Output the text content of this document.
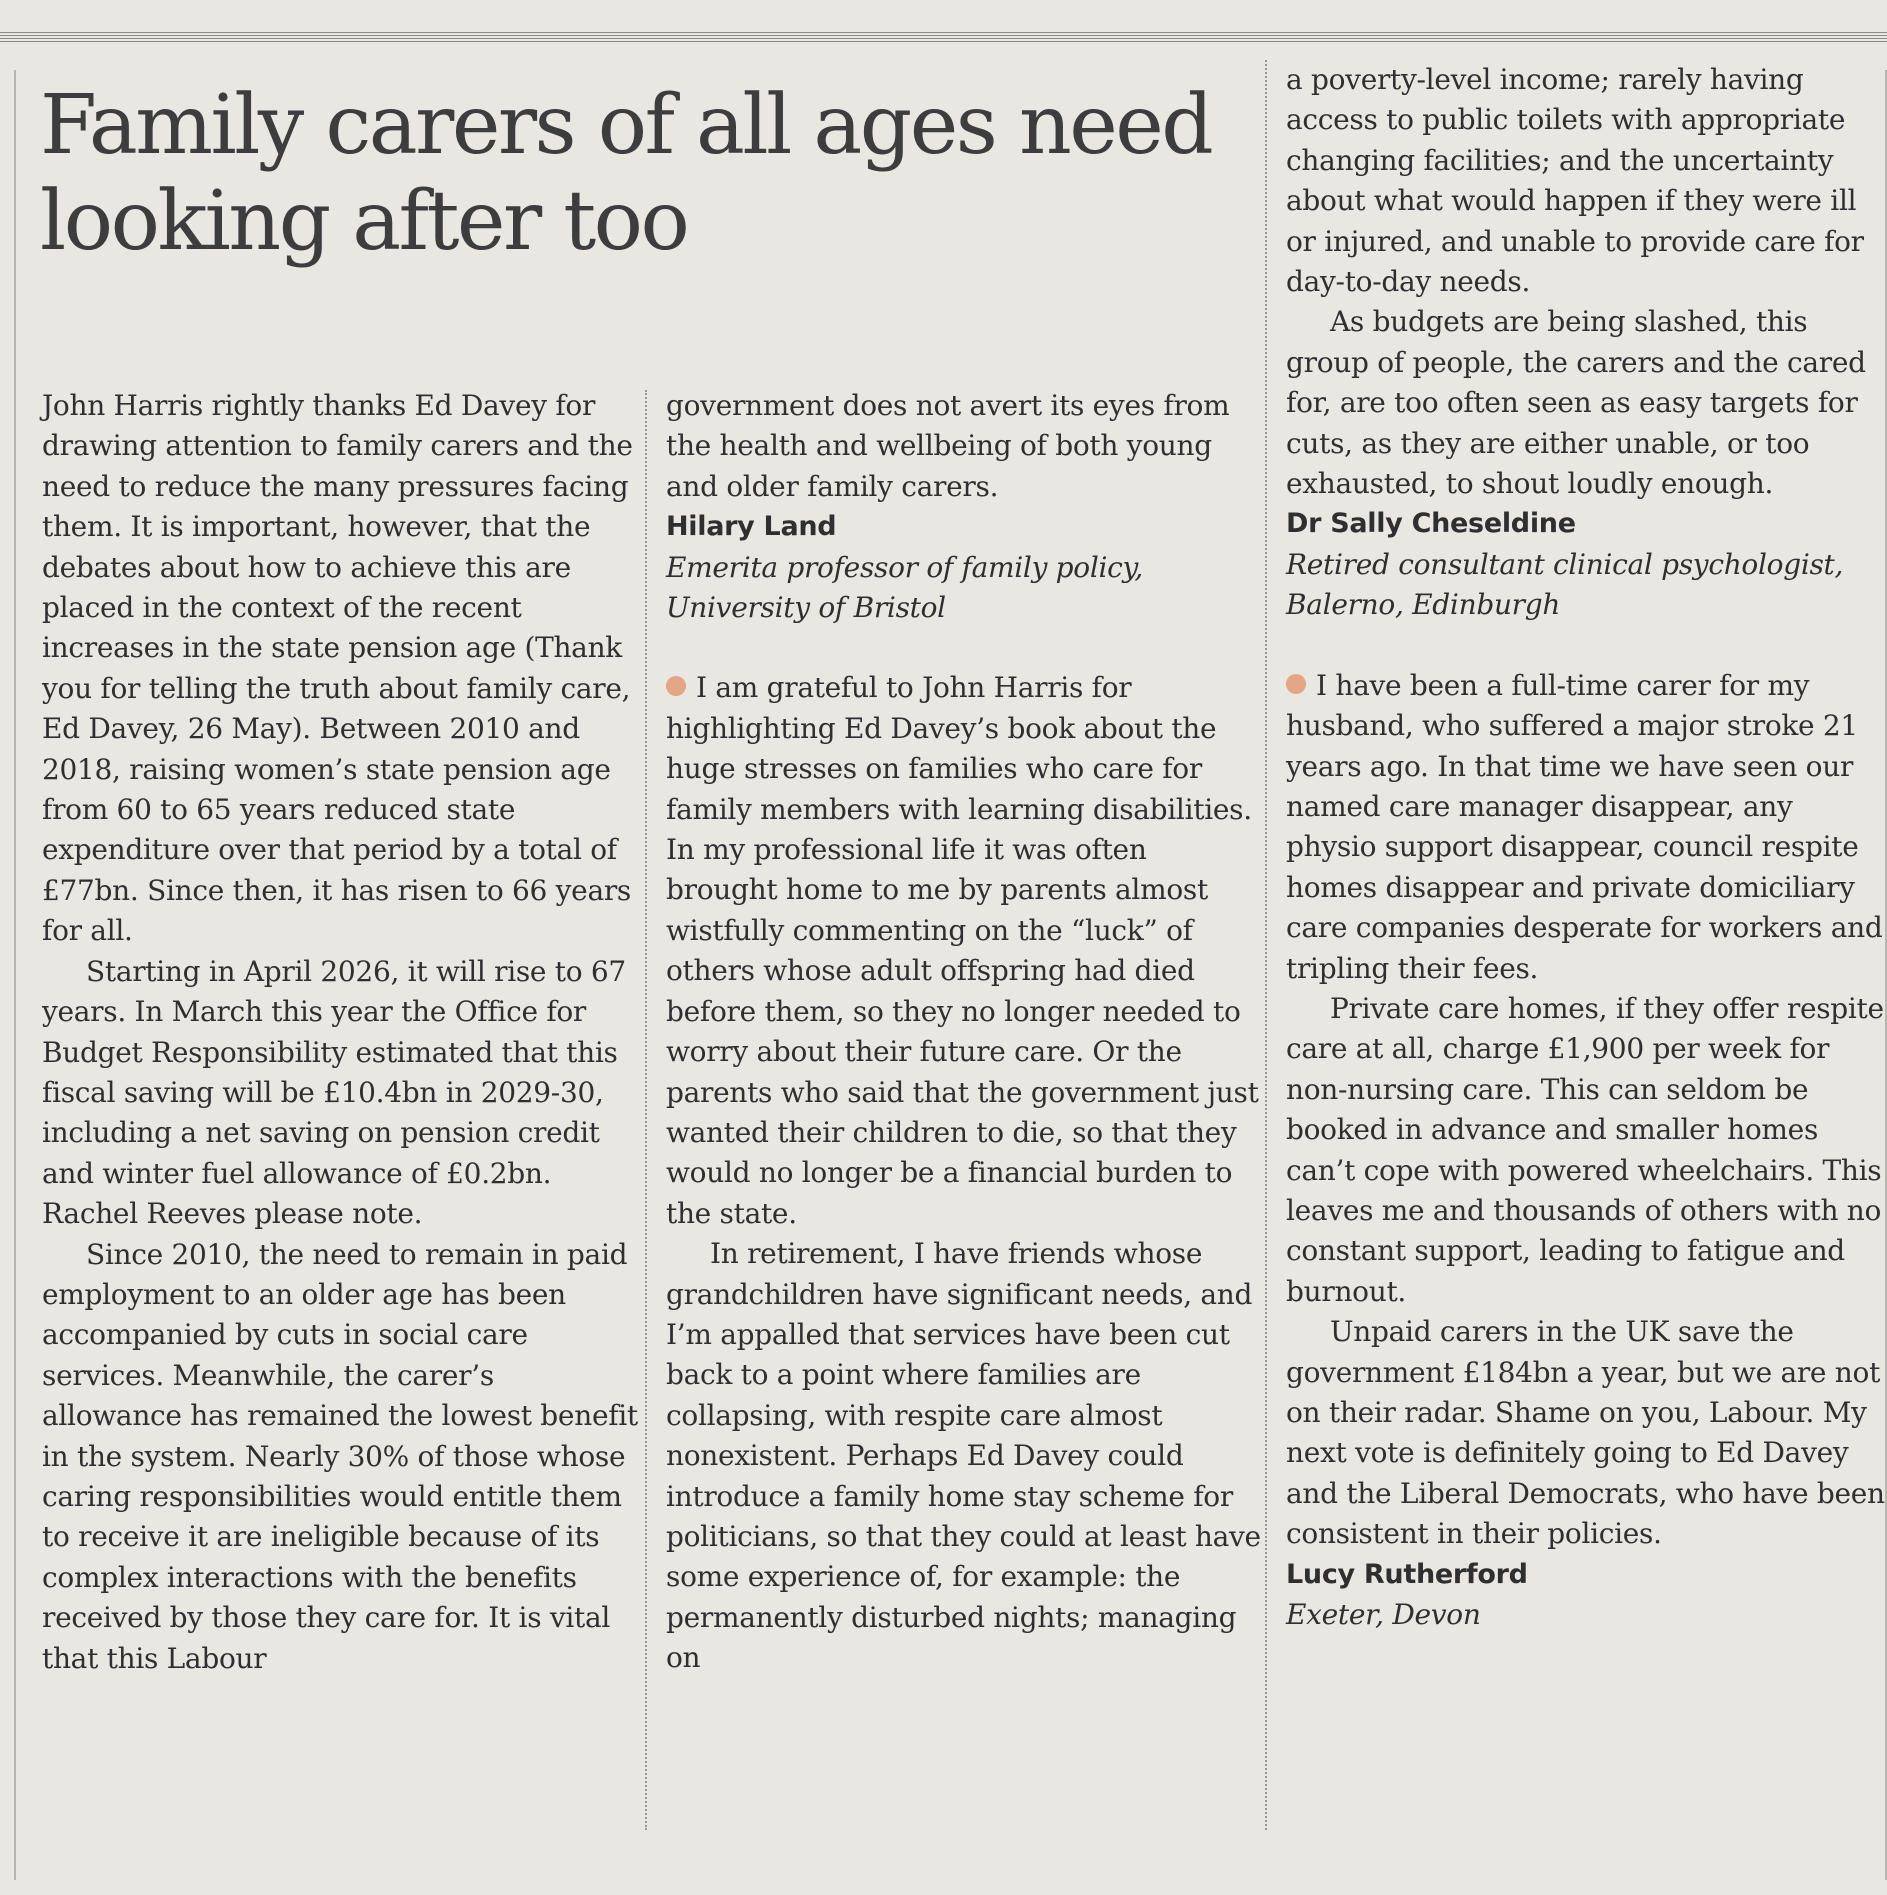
Family carers of all ages need looking after too

John Harris rightly thanks Ed Davey for drawing attention to family carers and the need to reduce the many pressures facing them. It is important, however, that the debates about how to achieve this are placed in the context of the recent increases in the state pension age (Thank you for telling the truth about family care, Ed Davey, 26 May). Between 2010 and 2018, raising women’s state pension age from 60 to 65 years reduced state expenditure over that period by a total of £77bn. Since then, it has risen to 66 years for all.

Starting in April 2026, it will rise to 67 years. In March this year the Office for Budget Responsibility estimated that this fiscal saving will be £10.4bn in 2029-30, including a net saving on pension credit and winter fuel allowance of £0.2bn. Rachel Reeves please note.

Since 2010, the need to remain in paid employment to an older age has been accompanied by cuts in social care services. Meanwhile, the carer’s allowance has remained the lowest benefit in the system. Nearly 30% of those whose caring responsibilities would entitle them to receive it are ineligible because of its complex interactions with the benefits received by those they care for. It is vital that this Labour

government does not avert its eyes from the health and wellbeing of both young and older family carers.

Hilary Land

Emerita professor of family policy, University of Bristol

I am grateful to John Harris for highlighting Ed Davey’s book about the huge stresses on families who care for family members with learning disabilities. In my professional life it was often brought home to me by parents almost wistfully commenting on the “luck” of others whose adult offspring had died before them, so they no longer needed to worry about their future care. Or the parents who said that the government just wanted their children to die, so that they would no longer be a financial burden to the state.

In retirement, I have friends whose grandchildren have significant needs, and I’m appalled that services have been cut back to a point where families are collapsing, with respite care almost nonexistent. Perhaps Ed Davey could introduce a family home stay scheme for politicians, so that they could at least have some experience of, for example: the permanently disturbed nights; managing on

a poverty-level income; rarely having access to public toilets with appropriate changing facilities; and the uncertainty about what would happen if they were ill or injured, and unable to provide care for day-to-day needs.

As budgets are being slashed, this group of people, the carers and the cared for, are too often seen as easy targets for cuts, as they are either unable, or too exhausted, to shout loudly enough.

Dr Sally Cheseldine

Retired consultant clinical psychologist, Balerno, Edinburgh

I have been a full-time carer for my husband, who suffered a major stroke 21 years ago. In that time we have seen our named care manager disappear, any physio support disappear, council respite homes disappear and private domiciliary care companies desperate for workers and tripling their fees.

Private care homes, if they offer respite care at all, charge £1,900 per week for non-nursing care. This can seldom be booked in advance and smaller homes can’t cope with powered wheelchairs. This leaves me and thousands of others with no constant support, leading to fatigue and burnout.

Unpaid carers in the UK save the government £184bn a year, but we are not on their radar. Shame on you, Labour. My next vote is definitely going to Ed Davey and the Liberal Democrats, who have been consistent in their policies.

Lucy Rutherford

Exeter, Devon
